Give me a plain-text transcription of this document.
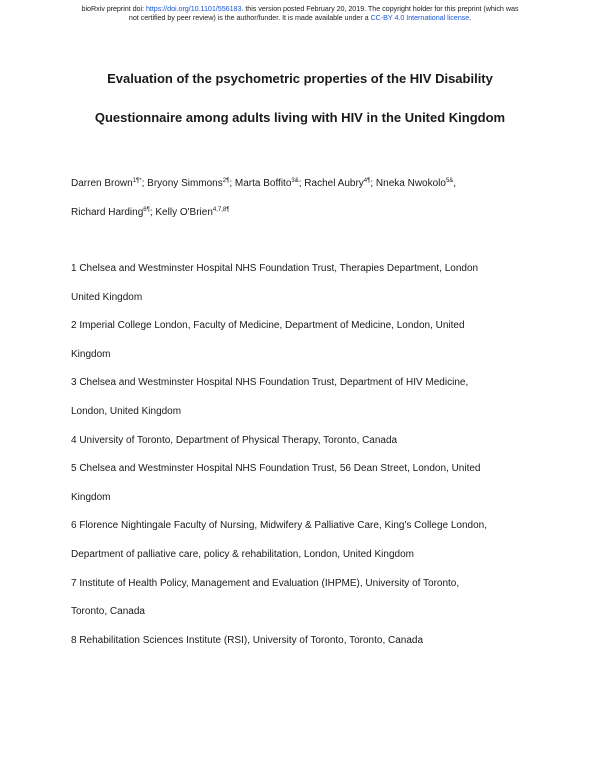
bioRxiv preprint doi: https://doi.org/10.1101/556183. this version posted February 20, 2019. The copyright holder for this preprint (which was
not certified by peer review) is the author/funder. It is made available under a CC-BY 4.0 International license.
Evaluation of the psychometric properties of the HIV Disability
Questionnaire among adults living with HIV in the United Kingdom
Darren Brown$^{1\P*}$; Bryony Simmons$^{2\P}$; Marta Boffito$^{3\&}$; Rachel Aubry$^{4\P}$; Nneka Nwokolo$^{5\&}$,
Richard Harding$^{6\P}$; Kelly O'Brien$^{4,7,8\P}$

1 Chelsea and Westminster Hospital NHS Foundation Trust, Therapies Department, London

United Kingdom

2 Imperial College London, Faculty of Medicine, Department of Medicine, London, United

Kingdom

3 Chelsea and Westminster Hospital NHS Foundation Trust, Department of HIV Medicine,

London, United Kingdom

4 University of Toronto, Department of Physical Therapy, Toronto, Canada

5 Chelsea and Westminster Hospital NHS Foundation Trust, 56 Dean Street, London, United

Kingdom

6 Florence Nightingale Faculty of Nursing, Midwifery & Palliative Care, King's College London,

Department of palliative care, policy & rehabilitation, London, United Kingdom

7 Institute of Health Policy, Management and Evaluation (IHPME), University of Toronto,

Toronto, Canada

8 Rehabilitation Sciences Institute (RSI), University of Toronto, Toronto, Canada
